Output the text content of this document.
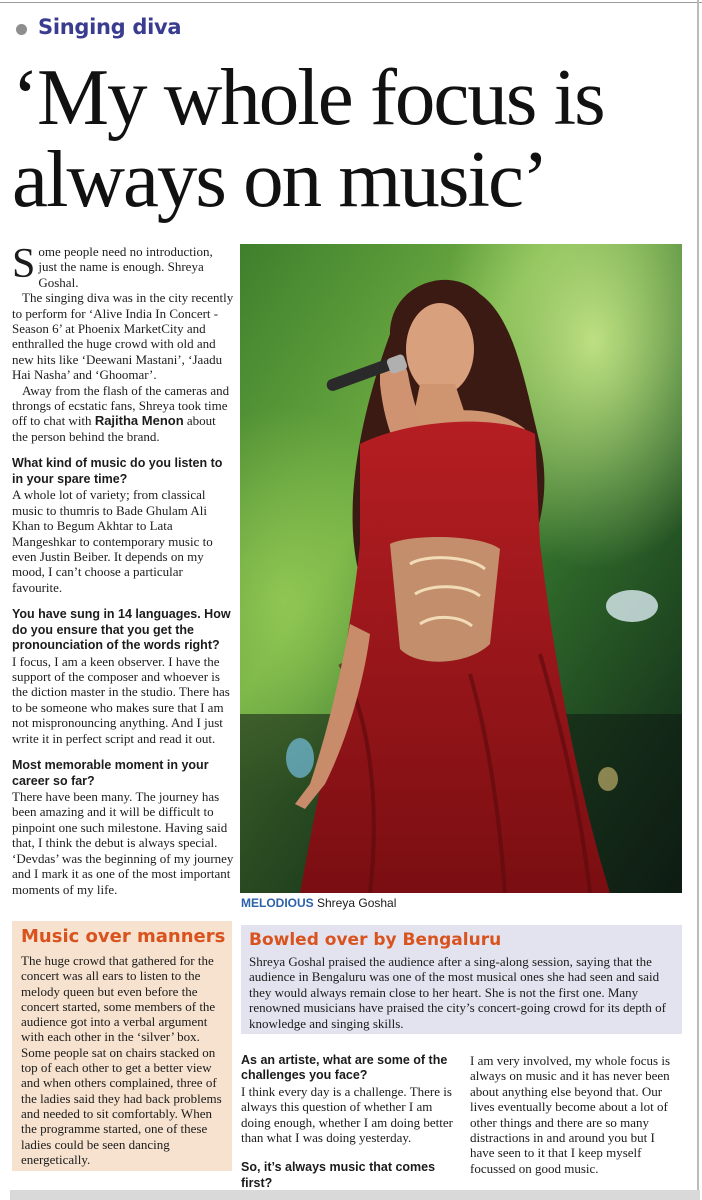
Singing diva
‘My whole focus is
always on music’

Some people need no introduction, just the name is enough. Shreya Goshal.

The singing diva was in the city recently to perform for ‘Alive India In Concert - Season 6’ at Phoenix MarketCity and enthralled the huge crowd with old and new hits like ‘Deewani Mastani’, ‘Jaadu Hai Nasha’ and ‘Ghoomar’.

Away from the flash of the cameras and throngs of ecstatic fans, Shreya took time off to chat with Rajitha Menon about the person behind the brand.

What kind of music do you listen to in your spare time?

A whole lot of variety; from classical music to thumris to Bade Ghulam Ali Khan to Begum Akhtar to Lata Mangeshkar to contemporary music to even Justin Beiber. It depends on my mood, I can’t choose a particular favourite.

You have sung in 14 languages. How do you ensure that you get the pronounciation of the words right?

I focus, I am a keen observer. I have the support of the composer and whoever is the diction master in the studio. There has to be someone who makes sure that I am not mispronouncing anything. And I just write it in perfect script and read it out.

Most memorable moment in your career so far?

There have been many. The journey has been amazing and it will be difficult to pinpoint one such milestone. Having said that, I think the debut is always special. ‘Devdas’ was the beginning of my journey and I mark it as one of the most important moments of my life.

MELODIOUS Shreya Goshal
Music over manners
The huge crowd that gathered for the concert was all ears to listen to the melody queen but even before the concert started, some members of the audience got into a verbal argument with each other in the ‘silver’ box. Some people sat on chairs stacked on top of each other to get a better view and when others complained, three of the ladies said they had back problems and needed to sit comfortably. When the programme started, one of these ladies could be seen dancing energetically.
Bowled over by Bengaluru
Shreya Goshal praised the audience after a sing-along session, saying that the audience in Bengaluru was one of the most musical ones she had seen and said they would always remain close to her heart. She is not the first one. Many renowned musicians have praised the city’s concert-going crowd for its depth of knowledge and singing skills.
As an artiste, what are some of the challenges you face?
I think every day is a challenge. There is always this question of whether I am doing enough, whether I am doing better than what I was doing yesterday.
So, it’s always music that comes first?
I am very involved, my whole focus is always on music and it has never been about anything else beyond that. Our lives eventually become about a lot of other things and there are so many distractions in and around you but I have seen to it that I keep myself focussed on good music.
